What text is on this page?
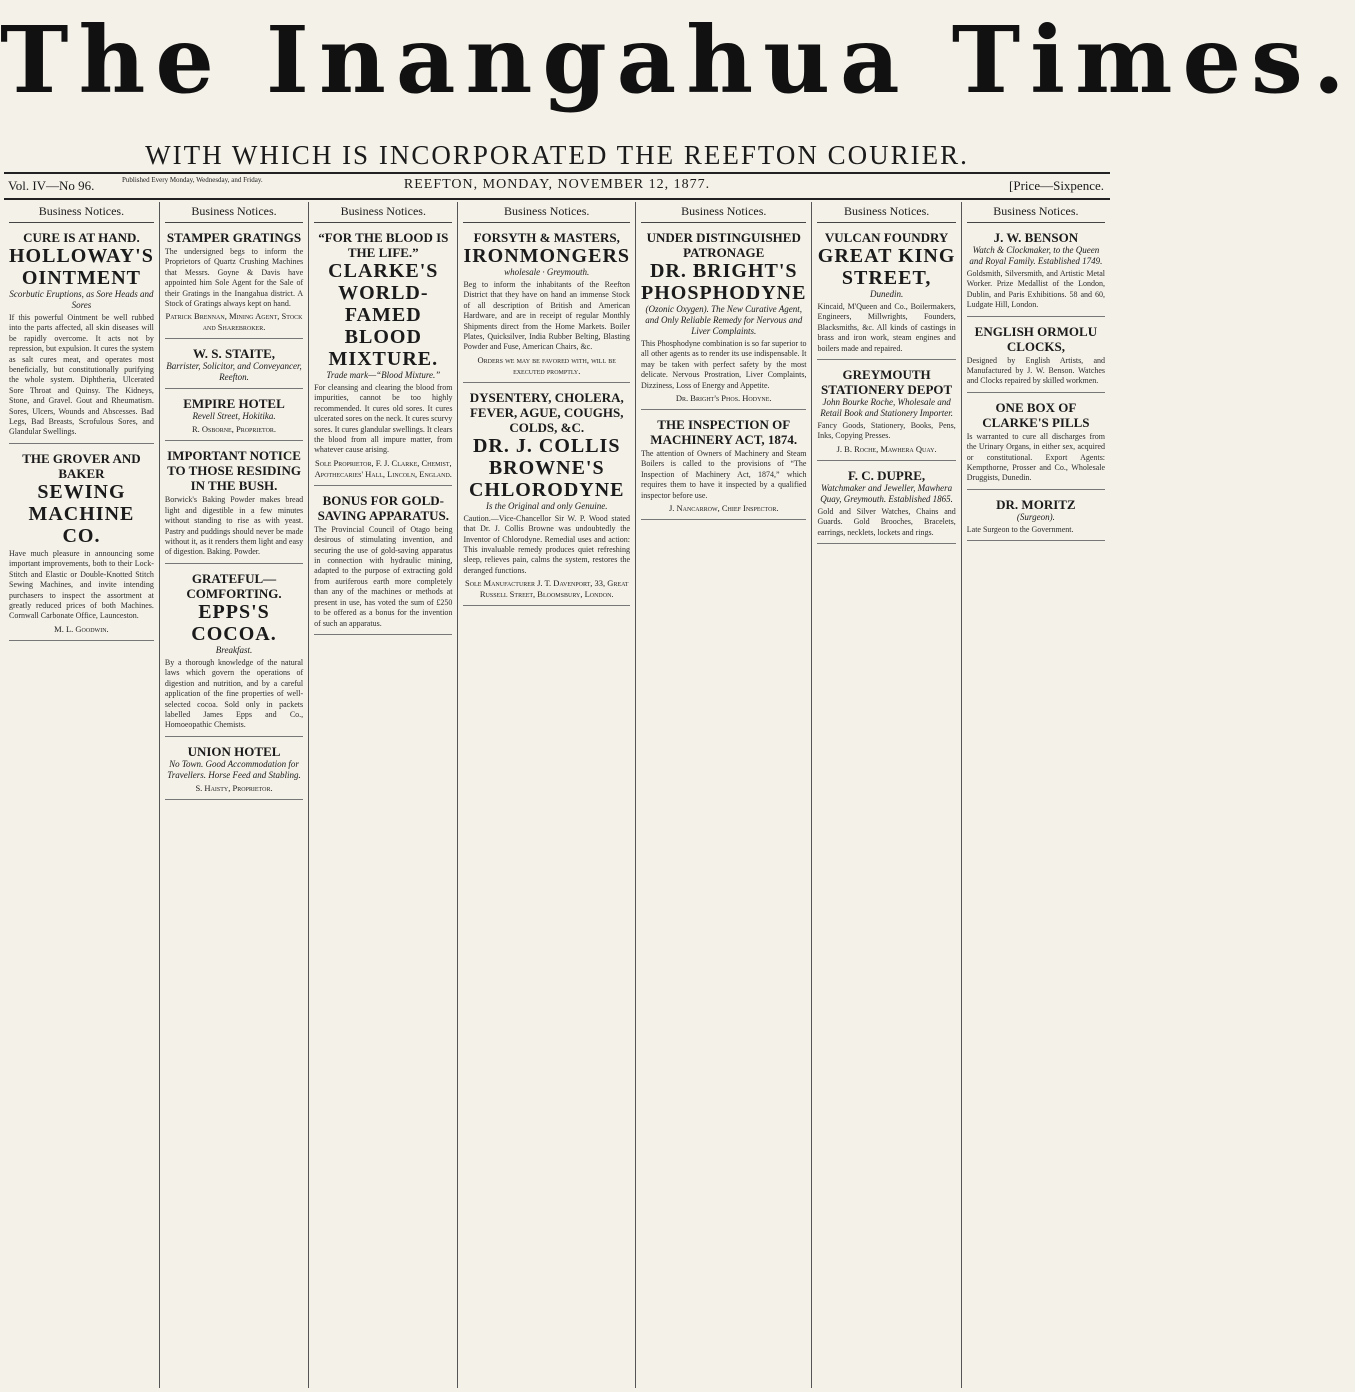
The Inangahua Times.
WITH WHICH IS INCORPORATED THE REEFTON COURIER.
Vol. IV—No 96.	Published Every Monday, Wednesday, and Friday.	REEFTON, MONDAY, NOVEMBER 12, 1877.	[Price—Sixpence.
Business Notices.
CURE IS AT HAND.
HOLLOWAY'S OINTMENT
Scorbutic Eruptions, as Sore Heads and Sores
If this powerful Ointment be well rubbed into the parts affected, all skin diseases will be rapidly overcome. It acts not by repression, but expulsion. It cures the system as salt cures meat, and operates most beneficially, but constitutionally purifying the whole system. Diphtheria, Ulcerated Sore Throat and Quinsy. The Kidneys, Stone, and Gravel. Gout and Rheumatism. Sores, Ulcers, Wounds and Abscesses. Bad Legs, Bad Breasts, Scrofulous Sores, and Glandular Swellings.
THE GROVER AND BAKER
SEWING MACHINE CO.
Have much pleasure in announcing some important improvements, both to their Lock-Stitch and Elastic or Double-Knotted Stitch Sewing Machines, and invite intending purchasers to inspect the assortment at greatly reduced prices of both Machines. Cornwall Carbonate Office, Launceston.
M. L. Goodwin.
Business Notices.
STAMPER GRATINGS
The undersigned begs to inform the Proprietors of Quartz Crushing Machines that Messrs. Goyne & Davis have appointed him Sole Agent for the Sale of their Gratings in the Inangahua district. A Stock of Gratings always kept on hand.
Patrick Brennan, Mining Agent, Stock and Sharebroker.
W. S. STAITE,
Barrister, Solicitor, and Conveyancer, Reefton.
EMPIRE HOTEL
Revell Street, Hokitika.
R. Osborne, Proprietor.
IMPORTANT NOTICE TO THOSE RESIDING IN THE BUSH.
Borwick's Baking Powder makes bread light and digestible in a few minutes without standing to rise as with yeast. Pastry and puddings should never be made without it, as it renders them light and easy of digestion. Baking. Powder.
GRATEFUL—COMFORTING.
EPPS'S COCOA.
Breakfast.
By a thorough knowledge of the natural laws which govern the operations of digestion and nutrition, and by a careful application of the fine properties of well-selected cocoa. Sold only in packets labelled James Epps and Co., Homoeopathic Chemists.
UNION HOTEL
No Town. Good Accommodation for Travellers. Horse Feed and Stabling.
S. Haisty, Proprietor.
Business Notices.
“FOR THE BLOOD IS THE LIFE.”
CLARKE'S WORLD-FAMED BLOOD MIXTURE.
Trade mark—“Blood Mixture.”
For cleansing and clearing the blood from impurities, cannot be too highly recommended. It cures old sores. It cures ulcerated sores on the neck. It cures scurvy sores. It cures glandular swellings. It clears the blood from all impure matter, from whatever cause arising.
Sole Proprietor, F. J. Clarke, Chemist, Apothecaries' Hall, Lincoln, England.
BONUS FOR GOLD-SAVING APPARATUS.
The Provincial Council of Otago being desirous of stimulating invention, and securing the use of gold-saving apparatus in connection with hydraulic mining, adapted to the purpose of extracting gold from auriferous earth more completely than any of the machines or methods at present in use, has voted the sum of £250 to be offered as a bonus for the invention of such an apparatus.
Business Notices.
FORSYTH & MASTERS,
IRONMONGERS
wholesale · Greymouth.
Beg to inform the inhabitants of the Reefton District that they have on hand an immense Stock of all description of British and American Hardware, and are in receipt of regular Monthly Shipments direct from the Home Markets. Boiler Plates, Quicksilver, India Rubber Belting, Blasting Powder and Fuse, American Chairs, &c.
Orders we may be favored with, will be executed promptly.
DYSENTERY, CHOLERA, FEVER, AGUE, COUGHS, COLDS, &C.
DR. J. COLLIS BROWNE'S CHLORODYNE
Is the Original and only Genuine.
Caution.—Vice-Chancellor Sir W. P. Wood stated that Dr. J. Collis Browne was undoubtedly the Inventor of Chlorodyne. Remedial uses and action: This invaluable remedy produces quiet refreshing sleep, relieves pain, calms the system, restores the deranged functions.
Sole Manufacturer J. T. Davenport, 33, Great Russell Street, Bloomsbury, London.
Business Notices.
UNDER DISTINGUISHED PATRONAGE
DR. BRIGHT'S PHOSPHODYNE
(Ozonic Oxygen). The New Curative Agent, and Only Reliable Remedy for Nervous and Liver Complaints.
This Phosphodyne combination is so far superior to all other agents as to render its use indispensable. It may be taken with perfect safety by the most delicate. Nervous Prostration, Liver Complaints, Dizziness, Loss of Energy and Appetite.
Dr. Bright's Phos. Hodyne.
THE INSPECTION OF MACHINERY ACT, 1874.
The attention of Owners of Machinery and Steam Boilers is called to the provisions of “The Inspection of Machinery Act, 1874,” which requires them to have it inspected by a qualified inspector before use.
J. Nancarrow, Chief Inspector.
Business Notices.
VULCAN FOUNDRY
GREAT KING STREET,
Dunedin.
Kincaid, M'Queen and Co., Boilermakers, Engineers, Millwrights, Founders, Blacksmiths, &c. All kinds of castings in brass and iron work, steam engines and boilers made and repaired.
GREYMOUTH STATIONERY DEPOT
John Bourke Roche, Wholesale and Retail Book and Stationery Importer.
Fancy Goods, Stationery, Books, Pens, Inks, Copying Presses.
J. B. Roche, Mawhera Quay.
F. C. DUPRE,
Watchmaker and Jeweller, Mawhera Quay, Greymouth. Established 1865.
Gold and Silver Watches, Chains and Guards. Gold Brooches, Bracelets, earrings, necklets, lockets and rings.
Business Notices.
J. W. BENSON
Watch & Clockmaker, to the Queen and Royal Family. Established 1749.
Goldsmith, Silversmith, and Artistic Metal Worker. Prize Medallist of the London, Dublin, and Paris Exhibitions. 58 and 60, Ludgate Hill, London.
ENGLISH ORMOLU CLOCKS,
Designed by English Artists, and Manufactured by J. W. Benson. Watches and Clocks repaired by skilled workmen.
ONE BOX OF CLARKE'S PILLS
Is warranted to cure all discharges from the Urinary Organs, in either sex, acquired or constitutional. Export Agents: Kempthorne, Prosser and Co., Wholesale Druggists, Dunedin.
DR. MORITZ
(Surgeon).
Late Surgeon to the Government.
